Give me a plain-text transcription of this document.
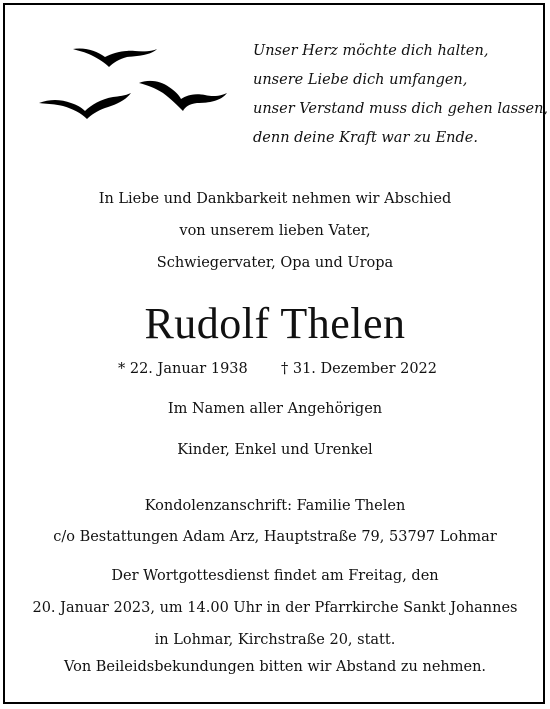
Unser Herz möchte dich halten,
unsere Liebe dich umfangen,
unser Verstand muss dich gehen lassen,
denn deine Kraft war zu Ende.
In Liebe und Dankbarkeit nehmen wir Abschied
von unserem lieben Vater,
Schwiegervater, Opa und Uropa
Rudolf Thelen
* 22. Januar 1938 † 31. Dezember 2022
Im Namen aller Angehörigen
Kinder, Enkel und Urenkel
Kondolenzanschrift: Familie Thelen
c/o Bestattungen Adam Arz, Hauptstraße 79, 53797 Lohmar
Der Wortgottesdienst findet am Freitag, den
20. Januar 2023, um 14.00 Uhr in der Pfarrkirche Sankt Johannes
in Lohmar, Kirchstraße 20, statt.
Von Beileidsbekundungen bitten wir Abstand zu nehmen.
